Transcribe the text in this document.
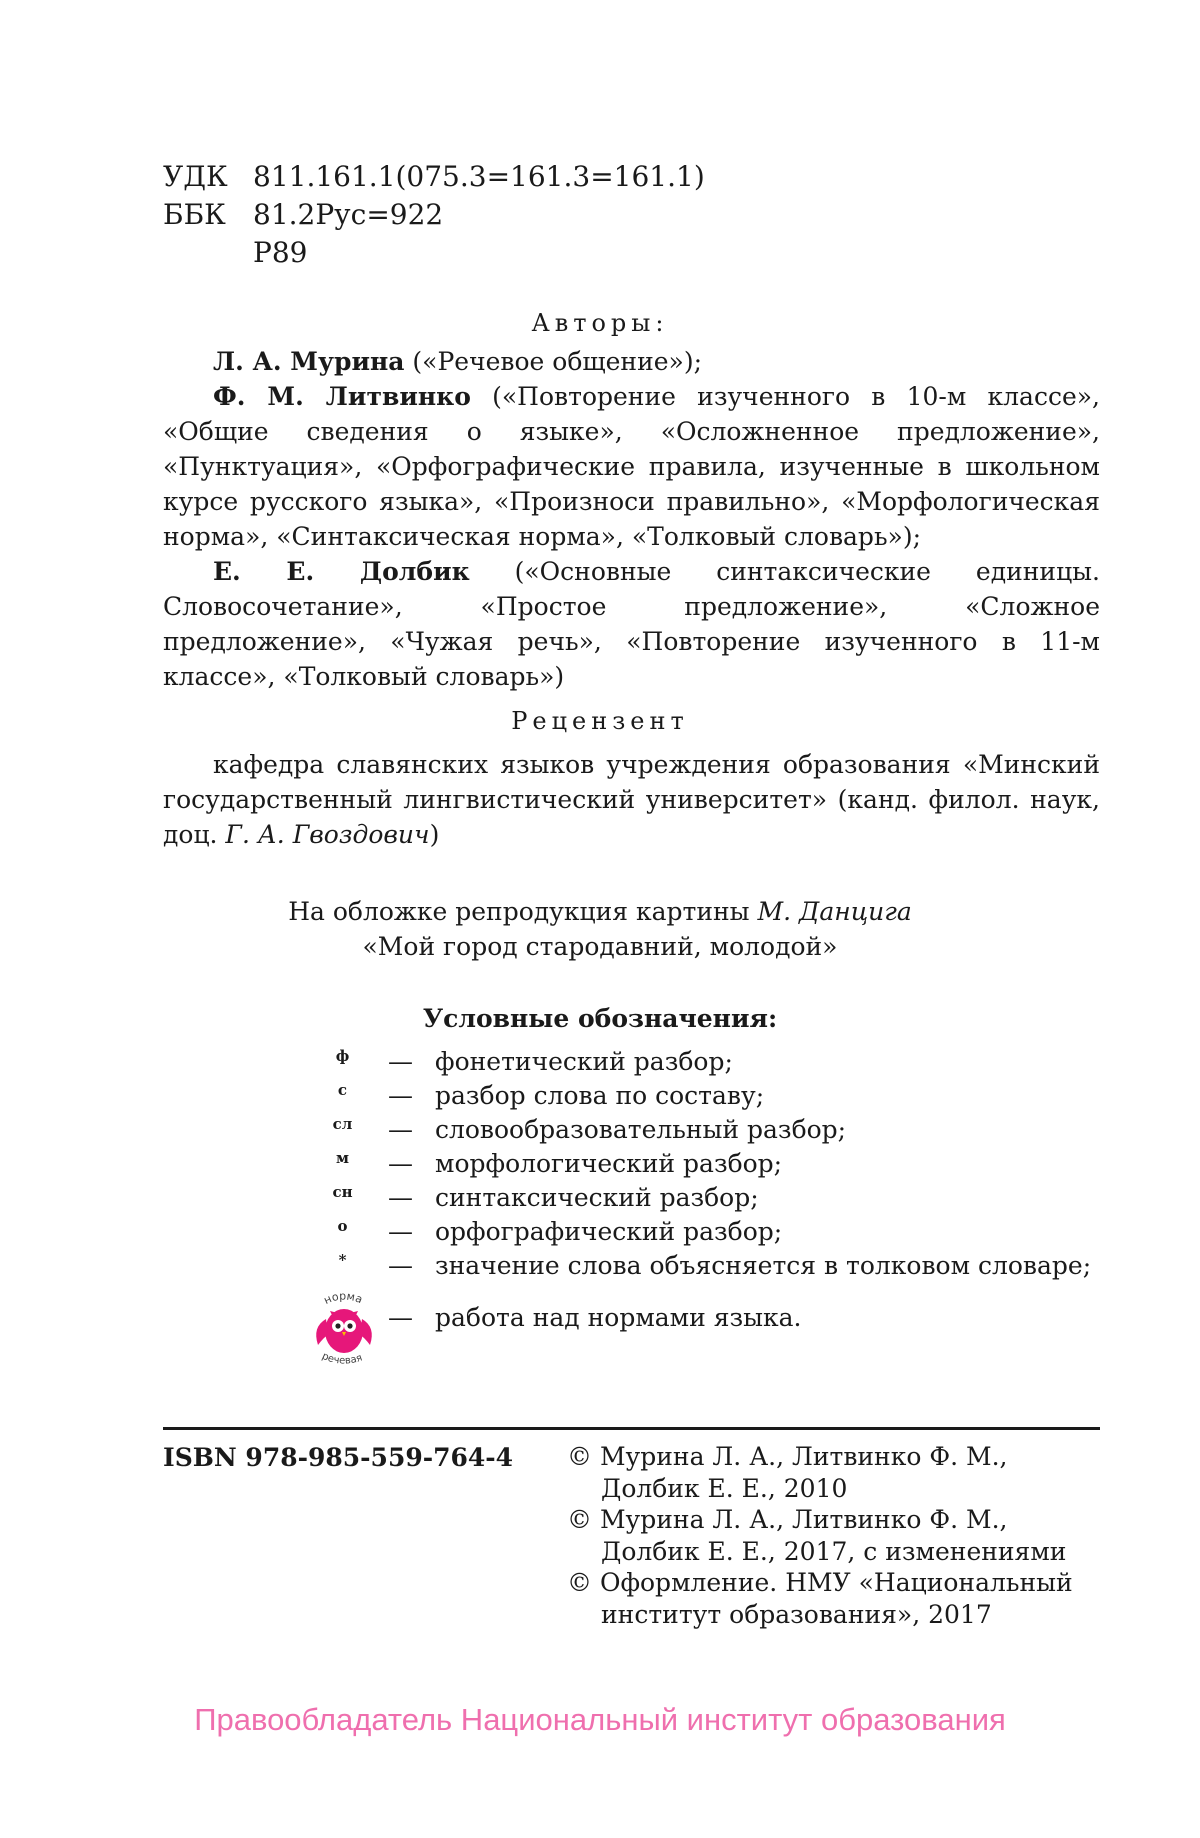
УДК 811.161.1(075.3=161.3=161.1)
ББК 81.2Рус=922
Р89
Авторы:

Л. А. Мурина («Речевое общение»);

Ф. М. Литвинко («Повторение изученного в 10-м классе», «Общие сведения о языке», «Осложненное предложение», «Пунктуация», «Орфографические правила, изученные в школьном курсе русского языка», «Произноси правильно», «Морфологическая норма», «Синтаксическая норма», «Толковый словарь»);

Е. Е. Долбик («Основные синтаксические единицы. Словосочетание», «Простое предложение», «Сложное предложение», «Чужая речь», «Повторение изученного в 11-м классе», «Толковый словарь»)

Рецензент

кафедра славянских языков учреждения образования «Минский государственный лингвистический университет» (канд. филол. наук, доц. Г. А. Гвоздович)

На обложке репродукция картины М. Данцига
«Мой город стародавний, молодой»
Условные обозначения:
ф	— фонетический разбор;
с	— разбор слова по составу;
сл	— словообразовательный разбор;
м	— морфологический разбор;
сн	— синтаксический разбор;
о	— орфографический разбор;
*	— значение слова объясняется в толковом словаре;
норма
речевая
— работа над нормами языка.
ISBN 978-985-559-764-4 © Мурина Л. А., Литвинко Ф. М., Долбик Е. Е., 2010
© Мурина Л. А., Литвинко Ф. М., Долбик Е. Е., 2017, с изменениями
© Оформление. НМУ «Национальный институт образования», 2017
Правообладатель Национальный институт образования
